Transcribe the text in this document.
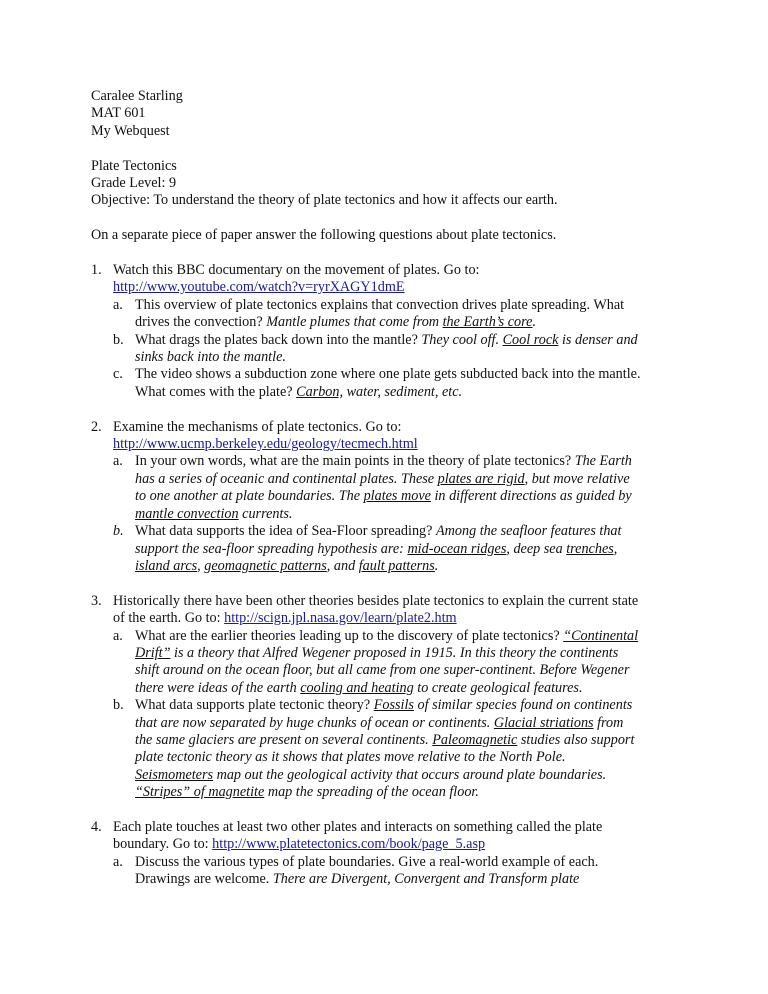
Caralee Starling
MAT 601
My Webquest
Plate Tectonics
Grade Level: 9
Objective: To understand the theory of plate tectonics and how it affects our earth.
On a separate piece of paper answer the following questions about plate tectonics.
1. Watch this BBC documentary on the movement of plates. Go to:
http://www.youtube.com/watch?v=ryrXAGY1dmE
a. This overview of plate tectonics explains that convection drives plate spreading. What
drives the convection? Mantle plumes that come from the Earth’s core.
b. What drags the plates back down into the mantle? They cool off. Cool rock is denser and
sinks back into the mantle.
c. The video shows a subduction zone where one plate gets subducted back into the mantle.
What comes with the plate? Carbon, water, sediment, etc.
2. Examine the mechanisms of plate tectonics. Go to:
http://www.ucmp.berkeley.edu/geology/tecmech.html
a. In your own words, what are the main points in the theory of plate tectonics? The Earth
has a series of oceanic and continental plates. These plates are rigid, but move relative
to one another at plate boundaries. The plates move in different directions as guided by
mantle convection currents.
b. What data supports the idea of Sea-Floor spreading? Among the seafloor features that
support the sea-floor spreading hypothesis are: mid-ocean ridges, deep sea trenches,
island arcs, geomagnetic patterns, and fault patterns.
3. Historically there have been other theories besides plate tectonics to explain the current state
of the earth. Go to: http://scign.jpl.nasa.gov/learn/plate2.htm
a. What are the earlier theories leading up to the discovery of plate tectonics? “Continental
Drift” is a theory that Alfred Wegener proposed in 1915. In this theory the continents
shift around on the ocean floor, but all came from one super-continent. Before Wegener
there were ideas of the earth cooling and heating to create geological features.
b. What data supports plate tectonic theory? Fossils of similar species found on continents
that are now separated by huge chunks of ocean or continents. Glacial striations from
the same glaciers are present on several continents. Paleomagnetic studies also support
plate tectonic theory as it shows that plates move relative to the North Pole.
Seismometers map out the geological activity that occurs around plate boundaries.
“Stripes” of magnetite map the spreading of the ocean floor.
4. Each plate touches at least two other plates and interacts on something called the plate
boundary. Go to: http://www.platetectonics.com/book/page_5.asp
a. Discuss the various types of plate boundaries. Give a real-world example of each.
Drawings are welcome. There are Divergent, Convergent and Transform plate
